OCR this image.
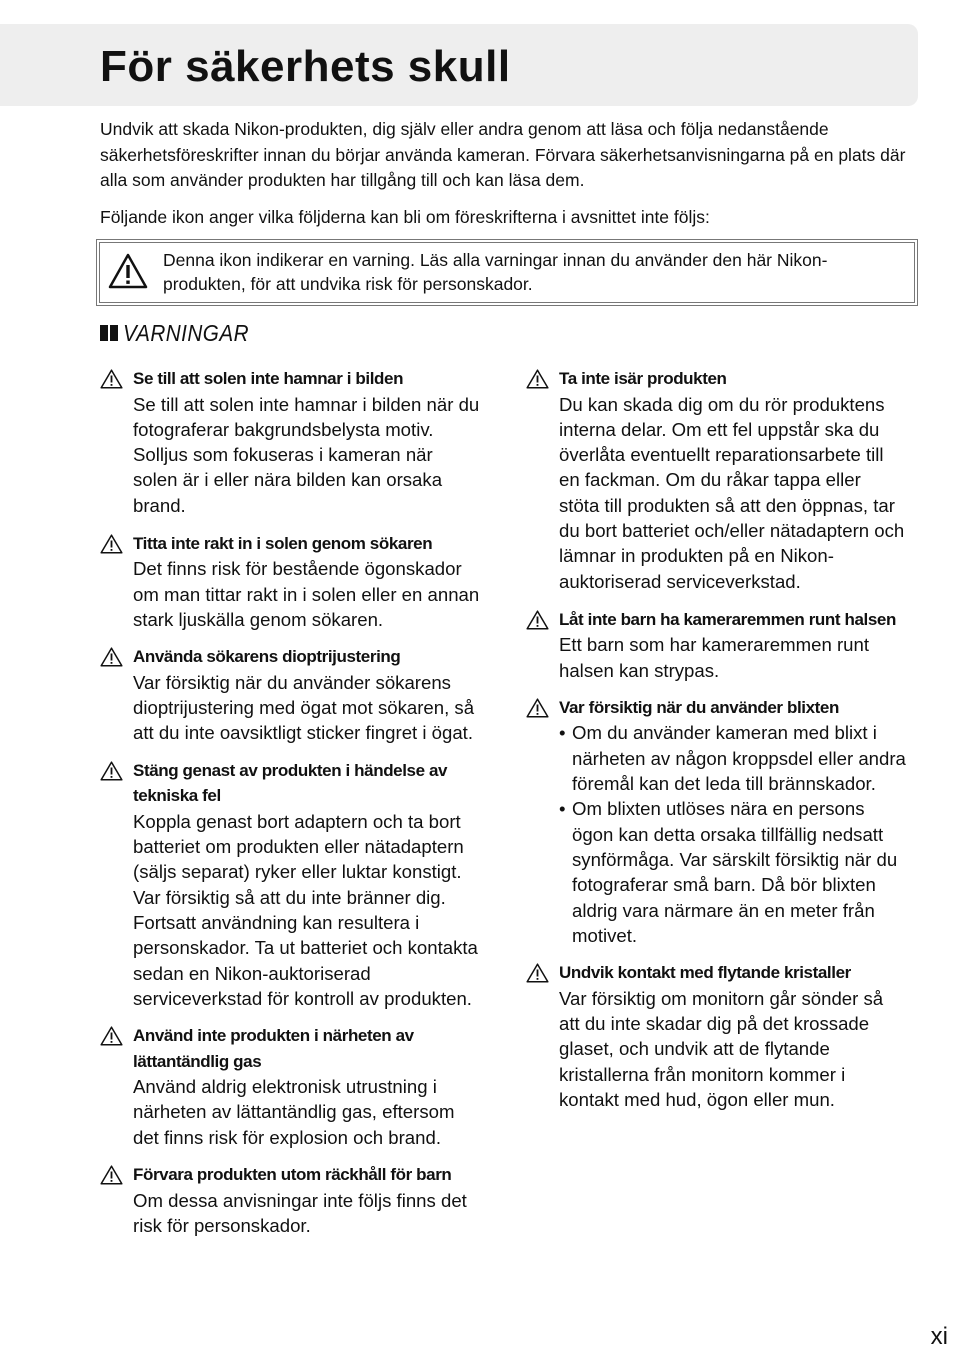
För säkerhets skull

Undvik att skada Nikon-produkten, dig själv eller andra genom att läsa och följa nedanstående säkerhetsföreskrifter innan du börjar använda kameran. Förvara säkerhetsanvisningarna på en plats där alla som använder produkten har tillgång till och kan läsa dem.

Följande ikon anger vilka följderna kan bli om föreskrifterna i avsnittet inte följs:

Denna ikon indikerar en varning. Läs alla varningar innan du använder den här Nikon-produkten, för att undvika risk för personskador.
VARNINGAR
Se till att solen inte hamnar i bilden
Se till att solen inte hamnar i bilden när du fotograferar bakgrundsbelysta motiv. Solljus som fokuseras i kameran när solen är i eller nära bilden kan orsaka brand.
Titta inte rakt in i solen genom sökaren
Det finns risk för bestående ögonskador om man tittar rakt in i solen eller en annan stark ljuskälla genom sökaren.
Använda sökarens dioptrijustering
Var försiktig när du använder sökarens dioptrijustering med ögat mot sökaren, så att du inte oavsiktligt sticker fingret i ögat.
Stäng genast av produkten i händelse av tekniska fel
Koppla genast bort adaptern och ta bort batteriet om produkten eller nätadaptern (säljs separat) ryker eller luktar konstigt. Var försiktig så att du inte bränner dig. Fortsatt användning kan resultera i personskador. Ta ut batteriet och kontakta sedan en Nikon-auktoriserad serviceverkstad för kontroll av produkten.
Använd inte produkten i närheten av lättantändlig gas
Använd aldrig elektronisk utrustning i närheten av lättantändlig gas, eftersom det finns risk för explosion och brand.
Förvara produkten utom räckhåll för barn
Om dessa anvisningar inte följs finns det risk för personskador.
Ta inte isär produkten
Du kan skada dig om du rör produktens interna delar. Om ett fel uppstår ska du överlåta eventuellt reparationsarbete till en fackman. Om du råkar tappa eller stöta till produkten så att den öppnas, tar du bort batteriet och/eller nätadaptern och lämnar in produkten på en Nikon-auktoriserad serviceverkstad.
Låt inte barn ha kameraremmen runt halsen
Ett barn som har kameraremmen runt halsen kan strypas.
Var försiktig när du använder blixten
• Om du använder kameran med blixt i närheten av någon kroppsdel eller andra föremål kan det leda till brännskador.
• Om blixten utlöses nära en persons ögon kan detta orsaka tillfällig nedsatt synförmåga. Var särskilt försiktig när du fotograferar små barn. Då bör blixten aldrig vara närmare än en meter från motivet.
Undvik kontakt med flytande kristaller
Var försiktig om monitorn går sönder så att du inte skadar dig på det krossade glaset, och undvik att de flytande kristallerna från monitorn kommer i kontakt med hud, ögon eller mun.
xi
